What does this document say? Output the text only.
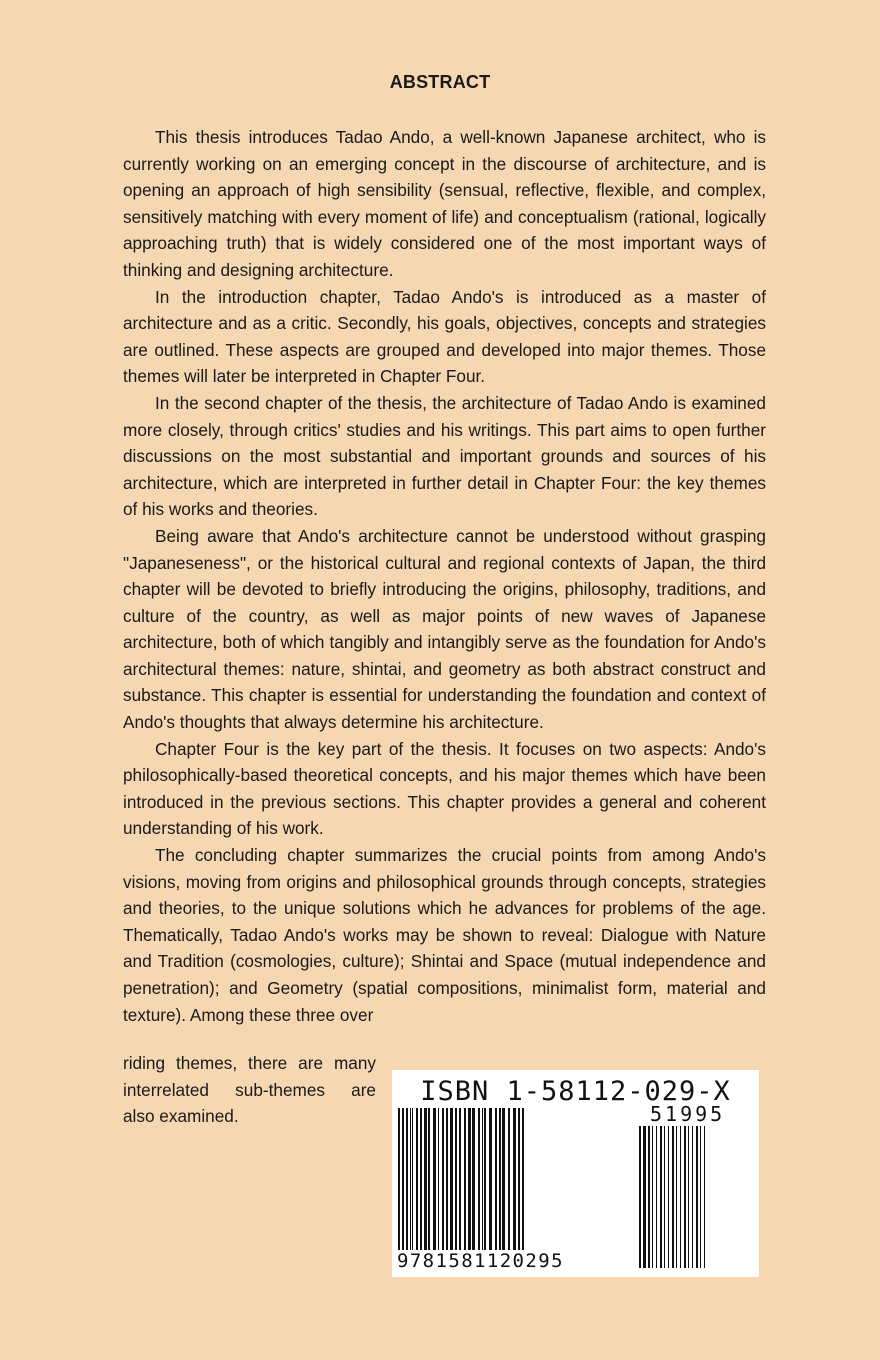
ABSTRACT

This thesis introduces Tadao Ando, a well-known Japanese architect, who is currently working on an emerging concept in the discourse of architecture, and is opening an approach of high sensibility (sensual, reflective, flexible, and complex, sensitively matching with every moment of life) and conceptualism (rational, logically approaching truth) that is widely considered one of the most important ways of thinking and designing architecture.

In the introduction chapter, Tadao Ando's is introduced as a master of architecture and as a critic. Secondly, his goals, objectives, concepts and strategies are outlined. These aspects are grouped and developed into major themes. Those themes will later be interpreted in Chapter Four.

In the second chapter of the thesis, the architecture of Tadao Ando is examined more closely, through critics' studies and his writings. This part aims to open further discussions on the most substantial and important grounds and sources of his architecture, which are interpreted in further detail in Chapter Four: the key themes of his works and theories.

Being aware that Ando's architecture cannot be understood without grasping "Japaneseness", or the historical cultural and regional contexts of Japan, the third chapter will be devoted to briefly introducing the origins, philosophy, traditions, and culture of the country, as well as major points of new waves of Japanese architecture, both of which tangibly and intangibly serve as the foundation for Ando's architectural themes: nature, shintai, and geometry as both abstract construct and substance. This chapter is essential for understanding the foundation and context of Ando's thoughts that always determine his architecture.

Chapter Four is the key part of the thesis. It focuses on two aspects: Ando's philosophically-based theoretical concepts, and his major themes which have been introduced in the previous sections. This chapter provides a general and coherent understanding of his work.

The concluding chapter summarizes the crucial points from among Ando's visions, moving from origins and philosophical grounds through concepts, strategies and theories, to the unique solutions which he advances for problems of the age. Thematically, Tadao Ando's works may be shown to reveal: Dialogue with Nature and Tradition (cosmologies, culture); Shintai and Space (mutual independence and penetration); and Geometry (spatial compositions, minimalist form, material and texture). Among these three over

riding themes, there are many
interrelated sub-themes are
also examined.
ISBN 1-58112-029-X
51995
9781581120295
